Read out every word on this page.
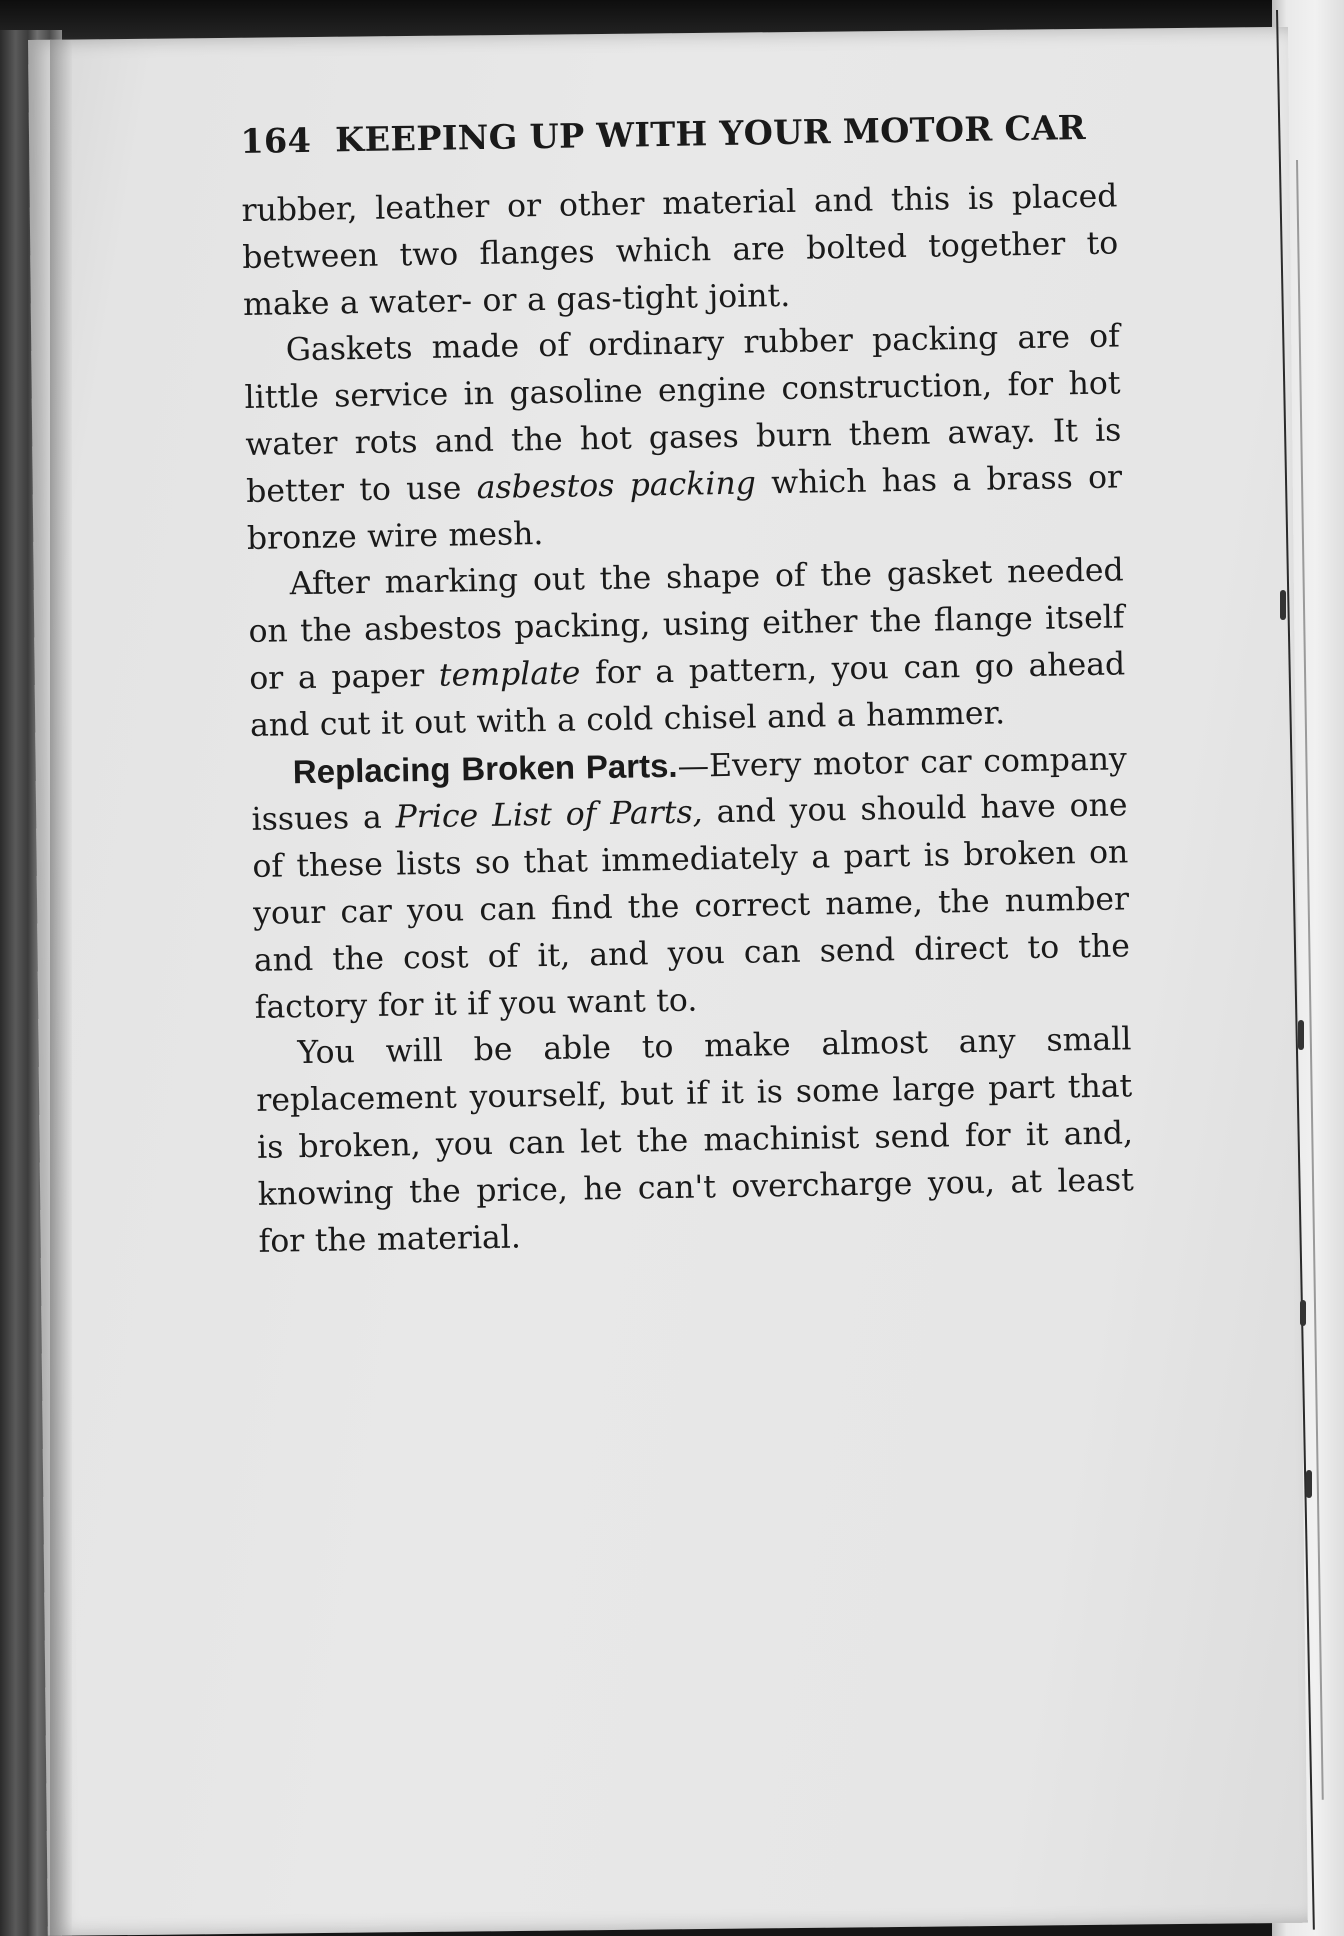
164 KEEPING UP WITH YOUR MOTOR CAR

rubber, leather or other material and this is placed between two flanges which are bolted together to make a water- or a gas-tight joint.

Gaskets made of ordinary rubber packing are of little service in gasoline engine construction, for hot water rots and the hot gases burn them away. It is better to use asbestos packing which has a brass or bronze wire mesh.

After marking out the shape of the gasket needed on the asbestos packing, using either the flange itself or a paper template for a pattern, you can go ahead and cut it out with a cold chisel and a hammer.

Replacing Broken Parts.—Every motor car company issues a Price List of Parts, and you should have one of these lists so that immediately a part is broken on your car you can find the correct name, the number and the cost of it, and you can send direct to the factory for it if you want to.

You will be able to make almost any small replacement yourself, but if it is some large part that is broken, you can let the machinist send for it and, knowing the price, he can't overcharge you, at least for the material.
